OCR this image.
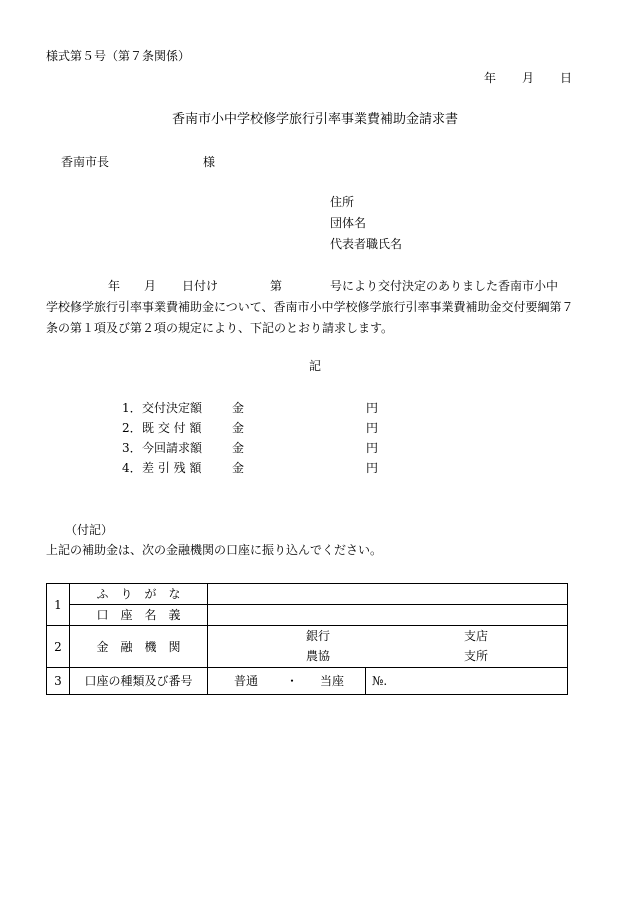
様式第５号（第７条関係）
年 月 日
香南市小中学校修学旅行引率事業費補助金請求書
香南市長	様
住所
団体名
代表者職氏名
年 月 日付け	第	号により交付決定のありました香南市小中
学校修学旅行引率事業費補助金について、香南市小中学校修学旅行引率事業費補助金交付要綱第７
条の第１項及び第２項の規定により、下記のとおり請求します。
記
1．交付決定額 金	円
2．既 交 付 額	金	円
3．今回請求額 金	円
4．差 引 残 額	金	円
（付記）
上記の補助金は、次の金融機関の口座に振り込んでください。
1	ふ　り　が　な	
	口　座　名　義	
2	金　融　機　関	銀行 支店
農協 支所

3	口座の種類及び番号	普通 ・ 当座 №.
